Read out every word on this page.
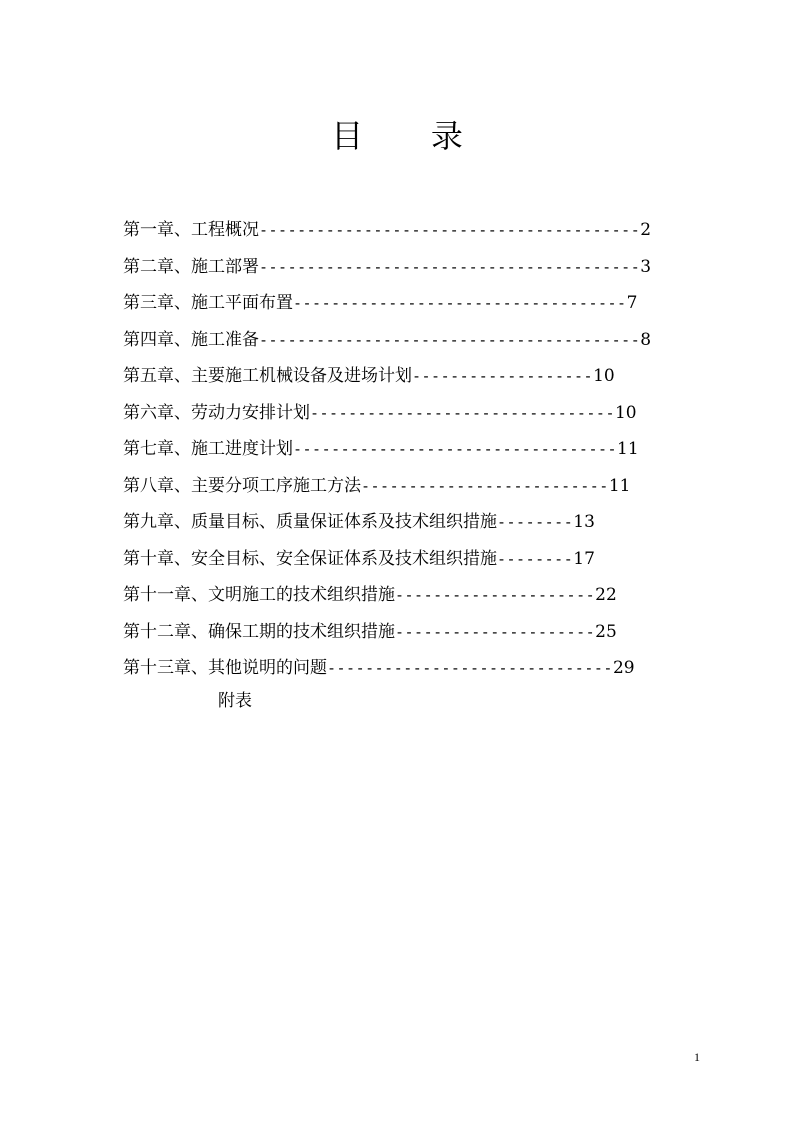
目 录
第一章、工程概况----------------------------------------2
第二章、施工部署----------------------------------------3
第三章、施工平面布置-----------------------------------7
第四章、施工准备----------------------------------------8
第五章、主要施工机械设备及进场计划-------------------10
第六章、劳动力安排计划--------------------------------10
第七章、施工进度计划----------------------------------11
第八章、主要分项工序施工方法--------------------------11
第九章、质量目标、质量保证体系及技术组织措施--------13
第十章、安全目标、安全保证体系及技术组织措施--------17
第十一章、文明施工的技术组织措施---------------------22
第十二章、确保工期的技术组织措施---------------------25
第十三章、其他说明的问题------------------------------29
附表
1
